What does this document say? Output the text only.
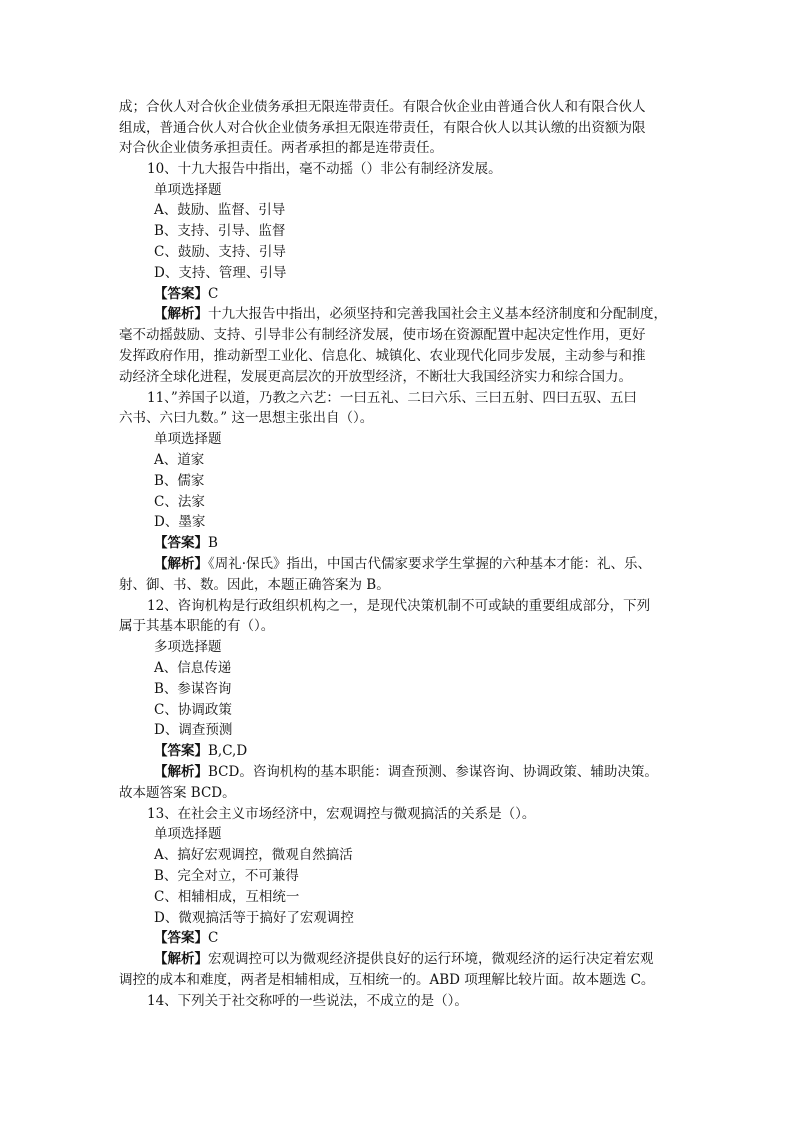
成；合伙人对合伙企业债务承担无限连带责任。有限合伙企业由普通合伙人和有限合伙人
组成，普通合伙人对合伙企业债务承担无限连带责任，有限合伙人以其认缴的出资额为限
对合伙企业债务承担责任。两者承担的都是连带责任。
10、十九大报告中指出，毫不动摇（）非公有制经济发展。
单项选择题
A、鼓励、监督、引导
B、支持、引导、监督
C、鼓励、支持、引导
D、支持、管理、引导
【答案】C
【解析】十九大报告中指出，必须坚持和完善我国社会主义基本经济制度和分配制度，
毫不动摇鼓励、支持、引导非公有制经济发展，使市场在资源配置中起决定性作用，更好
发挥政府作用，推动新型工业化、信息化、城镇化、农业现代化同步发展，主动参与和推
动经济全球化进程，发展更高层次的开放型经济，不断壮大我国经济实力和综合国力。
11、”养国子以道，乃教之六艺：一曰五礼、二曰六乐、三曰五射、四曰五驭、五曰
六书、六曰九数。” 这一思想主张出自（）。
单项选择题
A、道家
B、儒家
C、法家
D、墨家
【答案】B
【解析】《周礼·保氏》指出，中国古代儒家要求学生掌握的六种基本才能：礼、乐、
射、御、书、数。因此，本题正确答案为 B。
12、咨询机构是行政组织机构之一，是现代决策机制不可或缺的重要组成部分，下列
属于其基本职能的有（）。
多项选择题
A、信息传递
B、参谋咨询
C、协调政策
D、调查预测
【答案】B,C,D
【解析】BCD。咨询机构的基本职能：调查预测、参谋咨询、协调政策、辅助决策。
故本题答案 BCD。
13、在社会主义市场经济中，宏观调控与微观搞活的关系是（）。
单项选择题
A、搞好宏观调控，微观自然搞活
B、完全对立，不可兼得
C、相辅相成，互相统一
D、微观搞活等于搞好了宏观调控
【答案】C
【解析】宏观调控可以为微观经济提供良好的运行环境，微观经济的运行决定着宏观
调控的成本和难度，两者是相辅相成，互相统一的。ABD 项理解比较片面。故本题选 C。
14、下列关于社交称呼的一些说法，不成立的是（）。
